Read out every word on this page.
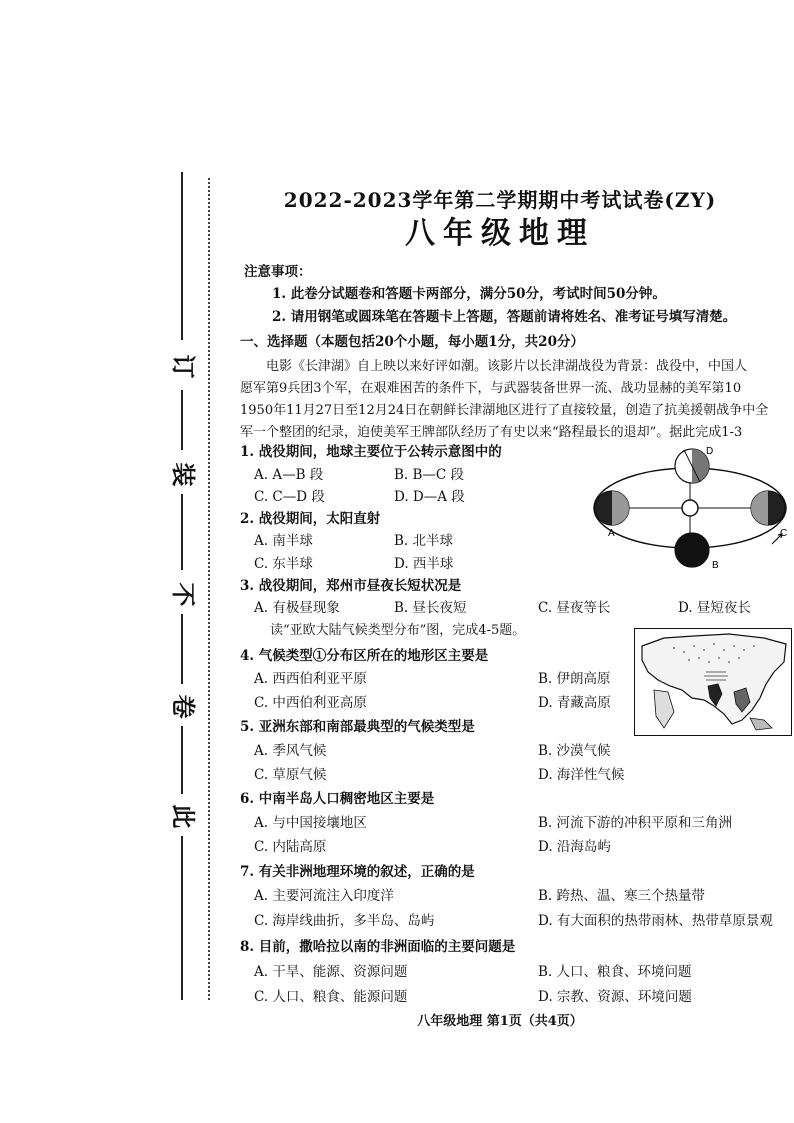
订
装
不
卷
此
2022-2023学年第二学期期中考试试卷(ZY)
八年级地理
注意事项：
1. 此卷分试题卷和答题卡两部分，满分50分，考试时间50分钟。
2. 请用钢笔或圆珠笔在答题卡上答题，答题前请将姓名、准考证号填写清楚。
一、选择题（本题包括20个小题，每小题1分，共20分）
电影《长津湖》自上映以来好评如潮。该影片以长津湖战役为背景：战役中，中国人
愿军第9兵团3个军，在艰难困苦的条件下，与武器装备世界一流、战功显赫的美军第10
1950年11月27日至12月24日在朝鲜长津湖地区进行了直接较量，创造了抗美援朝战争中全
军一个整团的纪录，迫使美军王牌部队经历了有史以来“路程最长的退却”。据此完成1-3
1. 战役期间，地球主要位于公转示意图中的
A. A—B 段	B. B—C 段
C. C—D 段	D. D—A 段
2. 战役期间，太阳直射
A. 南半球	B. 北半球
C. 东半球	D. 西半球
3. 战役期间，郑州市昼夜长短状况是
A. 有极昼现象	B. 昼长夜短	C. 昼夜等长	D. 昼短夜长
读“亚欧大陆气候类型分布”图，完成4-5题。
4. 气候类型①分布区所在的地形区主要是
A. 西西伯利亚平原	B. 伊朗高原
C. 中西伯利亚高原	D. 青藏高原
5. 亚洲东部和南部最典型的气候类型是
A. 季风气候	B. 沙漠气候
C. 草原气候	D. 海洋性气候
6. 中南半岛人口稠密地区主要是
A. 与中国接壤地区	B. 河流下游的冲积平原和三角洲
C. 内陆高原	D. 沿海岛屿
7. 有关非洲地理环境的叙述，正确的是
A. 主要河流注入印度洋	B. 跨热、温、寒三个热量带
C. 海岸线曲折，多半岛、岛屿	D. 有大面积的热带雨林、热带草原景观
8. 目前，撒哈拉以南的非洲面临的主要问题是
A. 干旱、能源、资源问题	B. 人口、粮食、环境问题
C. 人口、粮食、能源问题	D. 宗教、资源、环境问题
八年级地理 第1页（共4页）
D
A	C
B
